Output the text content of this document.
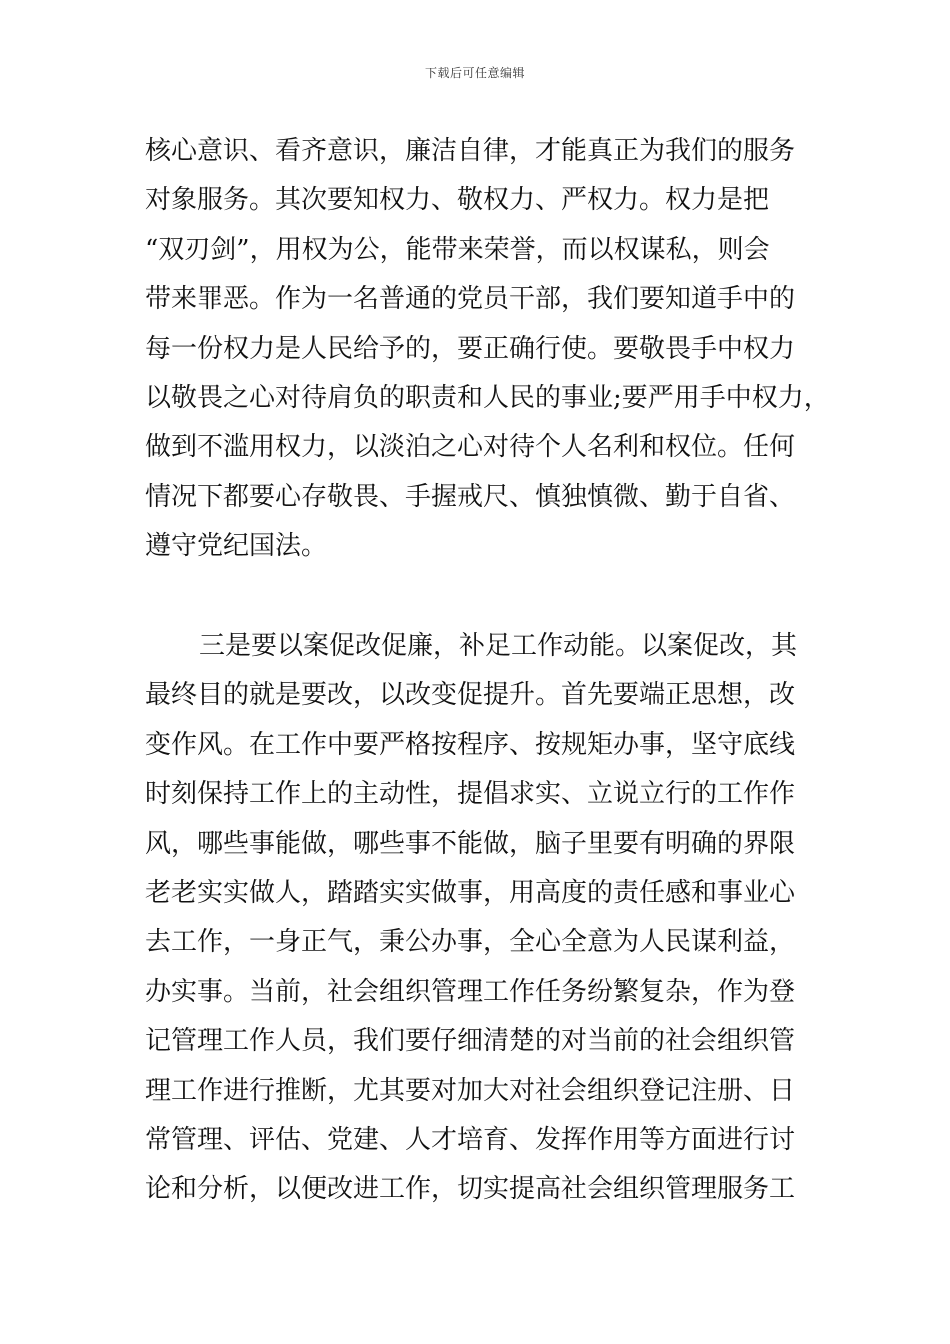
下载后可任意编辑
核心意识、看齐意识，廉洁自律，才能真正为我们的服务
对象服务。其次要知权力、敬权力、严权力。权力是把
“双刃剑”，用权为公，能带来荣誉，而以权谋私，则会
带来罪恶。作为一名普通的党员干部，我们要知道手中的
每一份权力是人民给予的，要正确行使。要敬畏手中权力
以敬畏之心对待肩负的职责和人民的事业;要严用手中权力，
做到不滥用权力，以淡泊之心对待个人名利和权位。任何
情况下都要心存敬畏、手握戒尺、慎独慎微、勤于自省、
遵守党纪国法。
三是要以案促改促廉，补足工作动能。以案促改，其
最终目的就是要改，以改变促提升。首先要端正思想，改
变作风。在工作中要严格按程序、按规矩办事，坚守底线
时刻保持工作上的主动性，提倡求实、立说立行的工作作
风，哪些事能做，哪些事不能做，脑子里要有明确的界限
老老实实做人，踏踏实实做事，用高度的责任感和事业心
去工作，一身正气，秉公办事，全心全意为人民谋利益，
办实事。当前，社会组织管理工作任务纷繁复杂，作为登
记管理工作人员，我们要仔细清楚的对当前的社会组织管
理工作进行推断，尤其要对加大对社会组织登记注册、日
常管理、评估、党建、人才培育、发挥作用等方面进行讨
论和分析，以便改进工作，切实提高社会组织管理服务工
